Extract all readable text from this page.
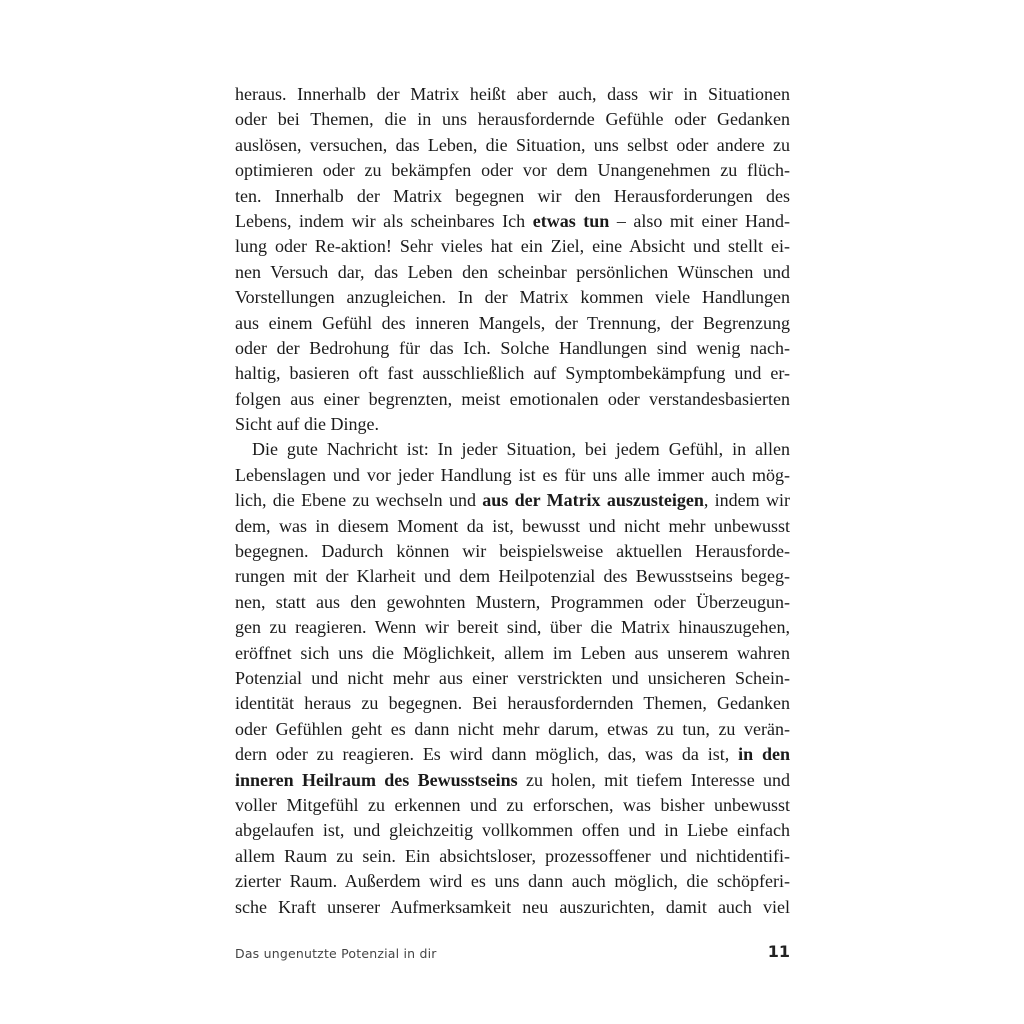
heraus. Innerhalb der Matrix heißt aber auch, dass wir in Situationen
oder bei Themen, die in uns herausfordernde Gefühle oder Gedanken
auslösen, versuchen, das Leben, die Situation, uns selbst oder andere zu
optimieren oder zu bekämpfen oder vor dem Unangenehmen zu flüch-
ten. Innerhalb der Matrix begegnen wir den Herausforderungen des
Lebens, indem wir als scheinbares Ich etwas tun – also mit einer Hand-
lung oder Re-aktion! Sehr vieles hat ein Ziel, eine Absicht und stellt ei-
nen Versuch dar, das Leben den scheinbar persönlichen Wünschen und
Vorstellungen anzugleichen. In der Matrix kommen viele Handlungen
aus einem Gefühl des inneren Mangels, der Trennung, der Begrenzung
oder der Bedrohung für das Ich. Solche Handlungen sind wenig nach-
haltig, basieren oft fast ausschließlich auf Symptombekämpfung und er-
folgen aus einer begrenzten, meist emotionalen oder verstandesbasierten
Sicht auf die Dinge.
Die gute Nachricht ist: In jeder Situation, bei jedem Gefühl, in allen
Lebenslagen und vor jeder Handlung ist es für uns alle immer auch mög-
lich, die Ebene zu wechseln und aus der Matrix auszusteigen, indem wir
dem, was in diesem Moment da ist, bewusst und nicht mehr unbewusst
begegnen. Dadurch können wir beispielsweise aktuellen Herausforde-
rungen mit der Klarheit und dem Heilpotenzial des Bewusstseins begeg-
nen, statt aus den gewohnten Mustern, Programmen oder Überzeugun-
gen zu reagieren. Wenn wir bereit sind, über die Matrix hinauszugehen,
eröffnet sich uns die Möglichkeit, allem im Leben aus unserem wahren
Potenzial und nicht mehr aus einer verstrickten und unsicheren Schein-
identität heraus zu begegnen. Bei herausfordernden Themen, Gedanken
oder Gefühlen geht es dann nicht mehr darum, etwas zu tun, zu verän-
dern oder zu reagieren. Es wird dann möglich, das, was da ist, in den
inneren Heilraum des Bewusstseins zu holen, mit tiefem Interesse und
voller Mitgefühl zu erkennen und zu erforschen, was bisher unbewusst
abgelaufen ist, und gleichzeitig vollkommen offen und in Liebe einfach
allem Raum zu sein. Ein absichtsloser, prozessoffener und nichtidentifi-
zierter Raum. Außerdem wird es uns dann auch möglich, die schöpferi-
sche Kraft unserer Aufmerksamkeit neu auszurichten, damit auch viel
Das ungenutzte Potenzial in dir	11
